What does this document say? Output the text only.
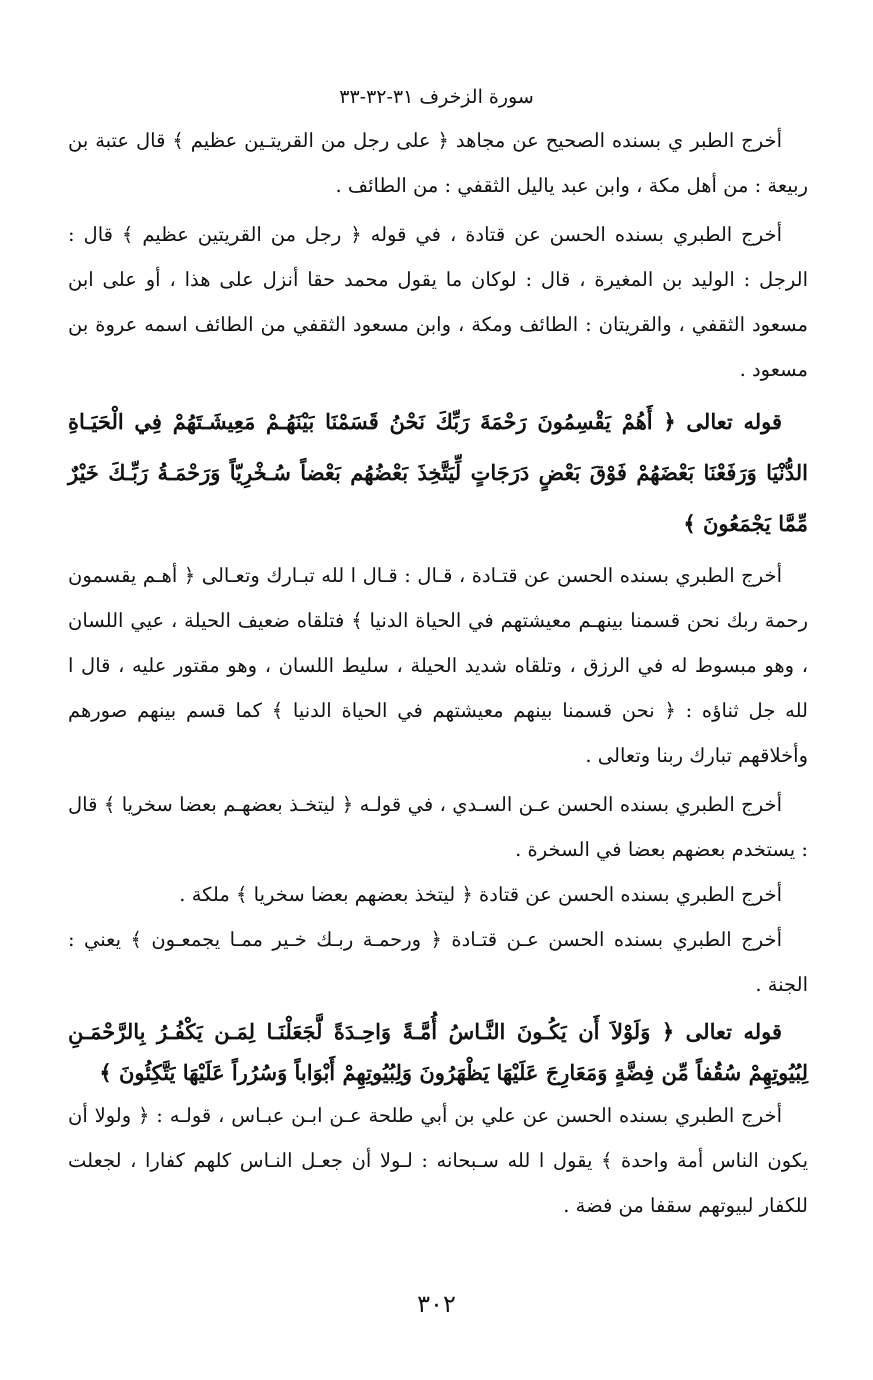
سورة الزخرف ٣١-٣٢-٣٣

أخرج الطبر ي بسنده الصحيح عن مجاهد ﴿ على رجل من القريتـين عظيم ﴾ قال عتبة بن ربيعة : من أهل مكة ، وابن عبد ياليل الثقفي : من الطائف .

أخرج الطبري بسنده الحسن عن قتادة ، في قوله ﴿ رجل من القريتين عظيم ﴾ قال : الرجل : الوليد بن المغيرة ، قال : لوكان ما يقول محمد حقا أنزل على هذا ، أو على ابن مسعود الثقفي ، والقريتان : الطائف ومكة ، وابن مسعود الثقفي من الطائف اسمه عروة بن مسعود .

قوله تعالى ﴿ أَهُمْ يَقْسِمُونَ رَحْمَةَ رَبِّكَ نَحْنُ قَسَمْنَا بَيْنَهُـمْ مَعِيشَـتَهُمْ فِي الْحَيَـاةِ الدُّنْيَا وَرَفَعْنَا بَعْضَهُمْ فَوْقَ بَعْضٍ دَرَجَاتٍ لِّيَتَّخِذَ بَعْضُهُم بَعْضاً سُـخْرِيّاً وَرَحْمَـةُ رَبِّـكَ خَيْرٌ مِّمَّا يَجْمَعُونَ ﴾

أخرج الطبري بسنده الحسن عن قتـادة ، قـال : قـال ا لله تبـارك وتعـالى ﴿ أهـم يقسمون رحمة ربك نحن قسمنا بينهـم معيشتهم في الحياة الدنيا ﴾ فتلقاه ضعيف الحيلة ، عيي اللسان ، وهو مبسوط له في الرزق ، وتلقاه شديد الحيلة ، سليط اللسان ، وهو مقتور عليه ، قال ا لله جل ثناؤه : ﴿ نحن قسمنا بينهم معيشتهم في الحياة الدنيا ﴾ كما قسم بينهم صورهم وأخلاقهم تبارك ربنا وتعالى .

أخرج الطبري بسنده الحسن عـن السـدي ، في قولـه ﴿ ليتخـذ بعضهـم بعضا سخريا ﴾ قال : يستخدم بعضهم بعضا في السخرة .

أخرج الطبري بسنده الحسن عن قتادة ﴿ ليتخذ بعضهم بعضا سخريا ﴾ ملكة .

أخرج الطبري بسنده الحسن عـن قتـادة ﴿ ورحمـة ربـك خـير ممـا يجمعـون ﴾ يعني : الجنة .

قوله تعالى ﴿ وَلَوْلاَ أَن يَكُـونَ النَّـاسُ أُمَّـةً وَاحِـدَةً لَّجَعَلْنَـا لِمَـن يَكْفُـرُ بِالرَّحْمَـنِ لِبُيُوتِهِمْ سُقُفاً مِّن فِضَّةٍ وَمَعَارِجَ عَلَيْهَا يَظْهَرُونَ وَلِبُيُوتِهِمْ أَبْوَاباً وَسُرُراً عَلَيْهَا يَتَّكِئُونَ ﴾

أخرج الطبري بسنده الحسن عن علي بن أبي طلحة عـن ابـن عبـاس ، قولـه : ﴿ ولولا أن يكون الناس أمة واحدة ﴾ يقول ا لله سـبحانه : لـولا أن جعـل النـاس كلهم كفارا ، لجعلت للكفار لبيوتهم سقفا من فضة .

٣٠٢
